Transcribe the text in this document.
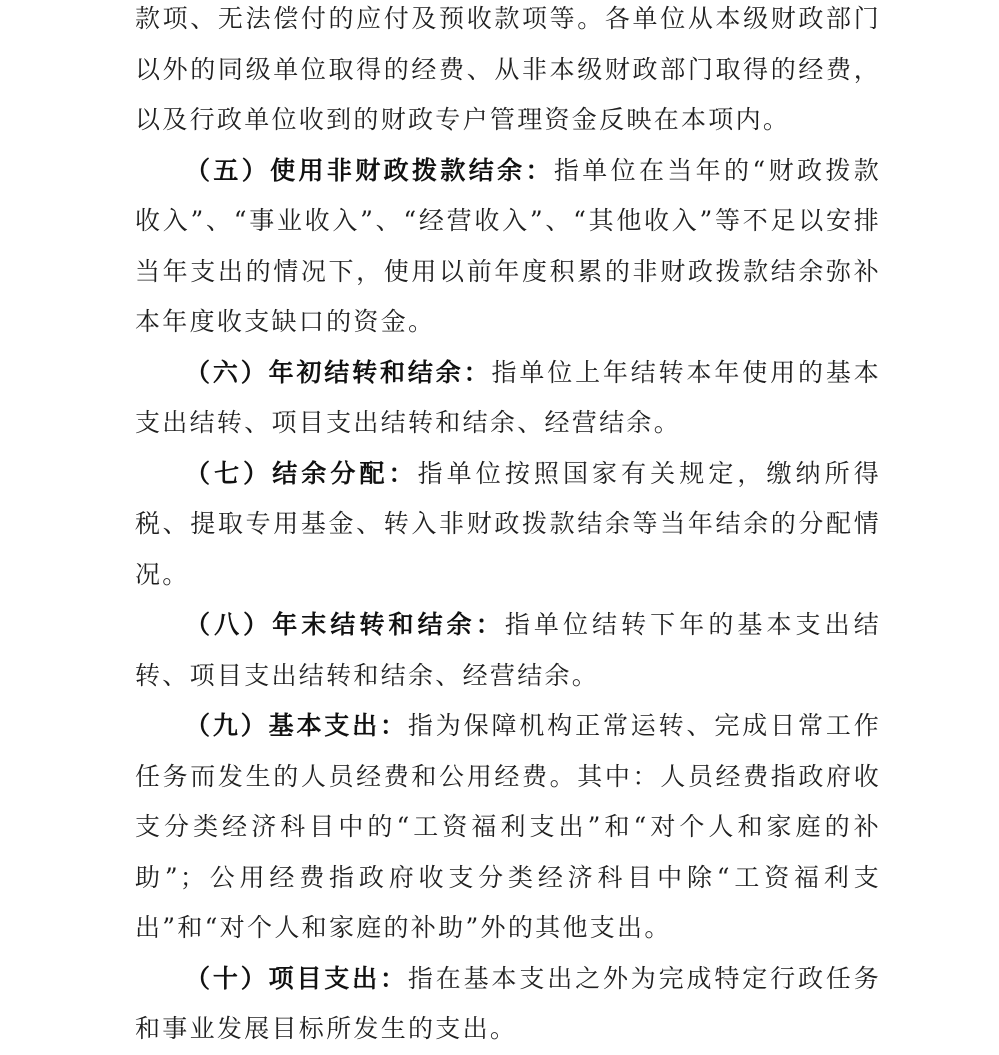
款项、无法偿付的应付及预收款项等。各单位从本级财政部门以外的同级单位取得的经费、从非本级财政部门取得的经费，以及行政单位收到的财政专户管理资金反映在本项内。

（五）使用非财政拨款结余：指单位在当年的“财政拨款收入”、“事业收入”、“经营收入”、“其他收入”等不足以安排当年支出的情况下，使用以前年度积累的非财政拨款结余弥补本年度收支缺口的资金。

（六）年初结转和结余：指单位上年结转本年使用的基本支出结转、项目支出结转和结余、经营结余。

（七）结余分配：指单位按照国家有关规定，缴纳所得税、提取专用基金、转入非财政拨款结余等当年结余的分配情况。

（八）年末结转和结余：指单位结转下年的基本支出结转、项目支出结转和结余、经营结余。

（九）基本支出：指为保障机构正常运转、完成日常工作任务而发生的人员经费和公用经费。其中：人员经费指政府收支分类经济科目中的“工资福利支出”和“对个人和家庭的补助”；公用经费指政府收支分类经济科目中除“工资福利支出”和“对个人和家庭的补助”外的其他支出。

（十）项目支出：指在基本支出之外为完成特定行政任务和事业发展目标所发生的支出。
